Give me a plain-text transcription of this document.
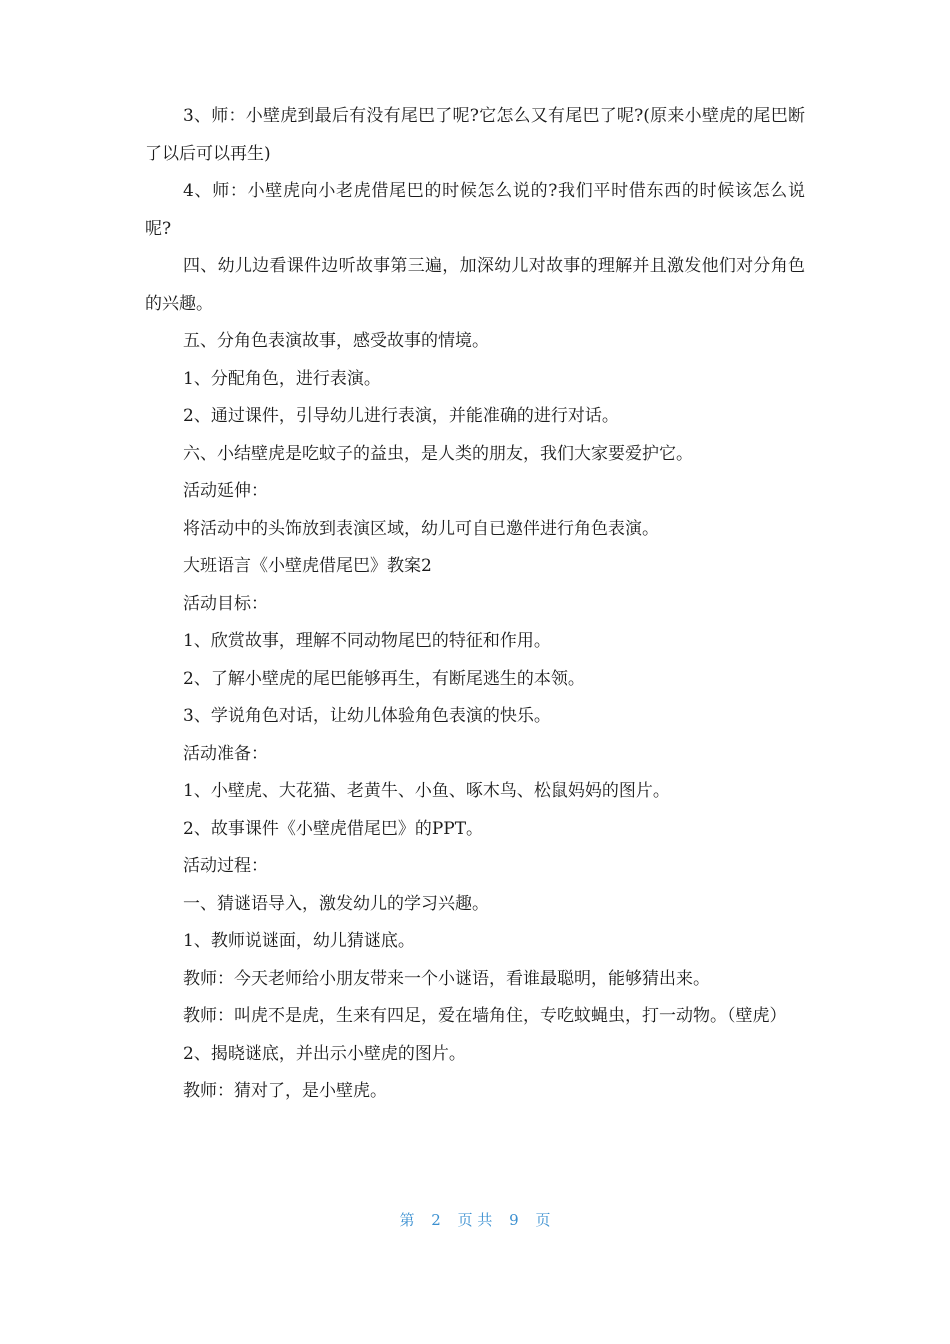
3、师：小壁虎到最后有没有尾巴了呢?它怎么又有尾巴了呢?(原来小壁虎的尾巴断了以后可以再生)

4、师：小壁虎向小老虎借尾巴的时候怎么说的?我们平时借东西的时候该怎么说呢?

四、幼儿边看课件边听故事第三遍，加深幼儿对故事的理解并且激发他们对分角色的兴趣。

五、分角色表演故事，感受故事的情境。

1、分配角色，进行表演。

2、通过课件，引导幼儿进行表演，并能准确的进行对话。

六、小结壁虎是吃蚊子的益虫，是人类的朋友，我们大家要爱护它。

活动延伸：

将活动中的头饰放到表演区域，幼儿可自已邀伴进行角色表演。

大班语言《小壁虎借尾巴》教案2

活动目标：

1、欣赏故事，理解不同动物尾巴的特征和作用。

2、了解小壁虎的尾巴能够再生，有断尾逃生的本领。

3、学说角色对话，让幼儿体验角色表演的快乐。

活动准备：

1、小壁虎、大花猫、老黄牛、小鱼、啄木鸟、松鼠妈妈的图片。

2、故事课件《小壁虎借尾巴》的PPT。

活动过程：

一、猜谜语导入，激发幼儿的学习兴趣。

1、教师说谜面，幼儿猜谜底。

教师：今天老师给小朋友带来一个小谜语，看谁最聪明，能够猜出来。

教师：叫虎不是虎，生来有四足，爱在墙角住，专吃蚊蝇虫，打一动物。（壁虎）

2、揭晓谜底，并出示小壁虎的图片。

教师：猜对了，是小壁虎。

第 2 页 共 9 页
